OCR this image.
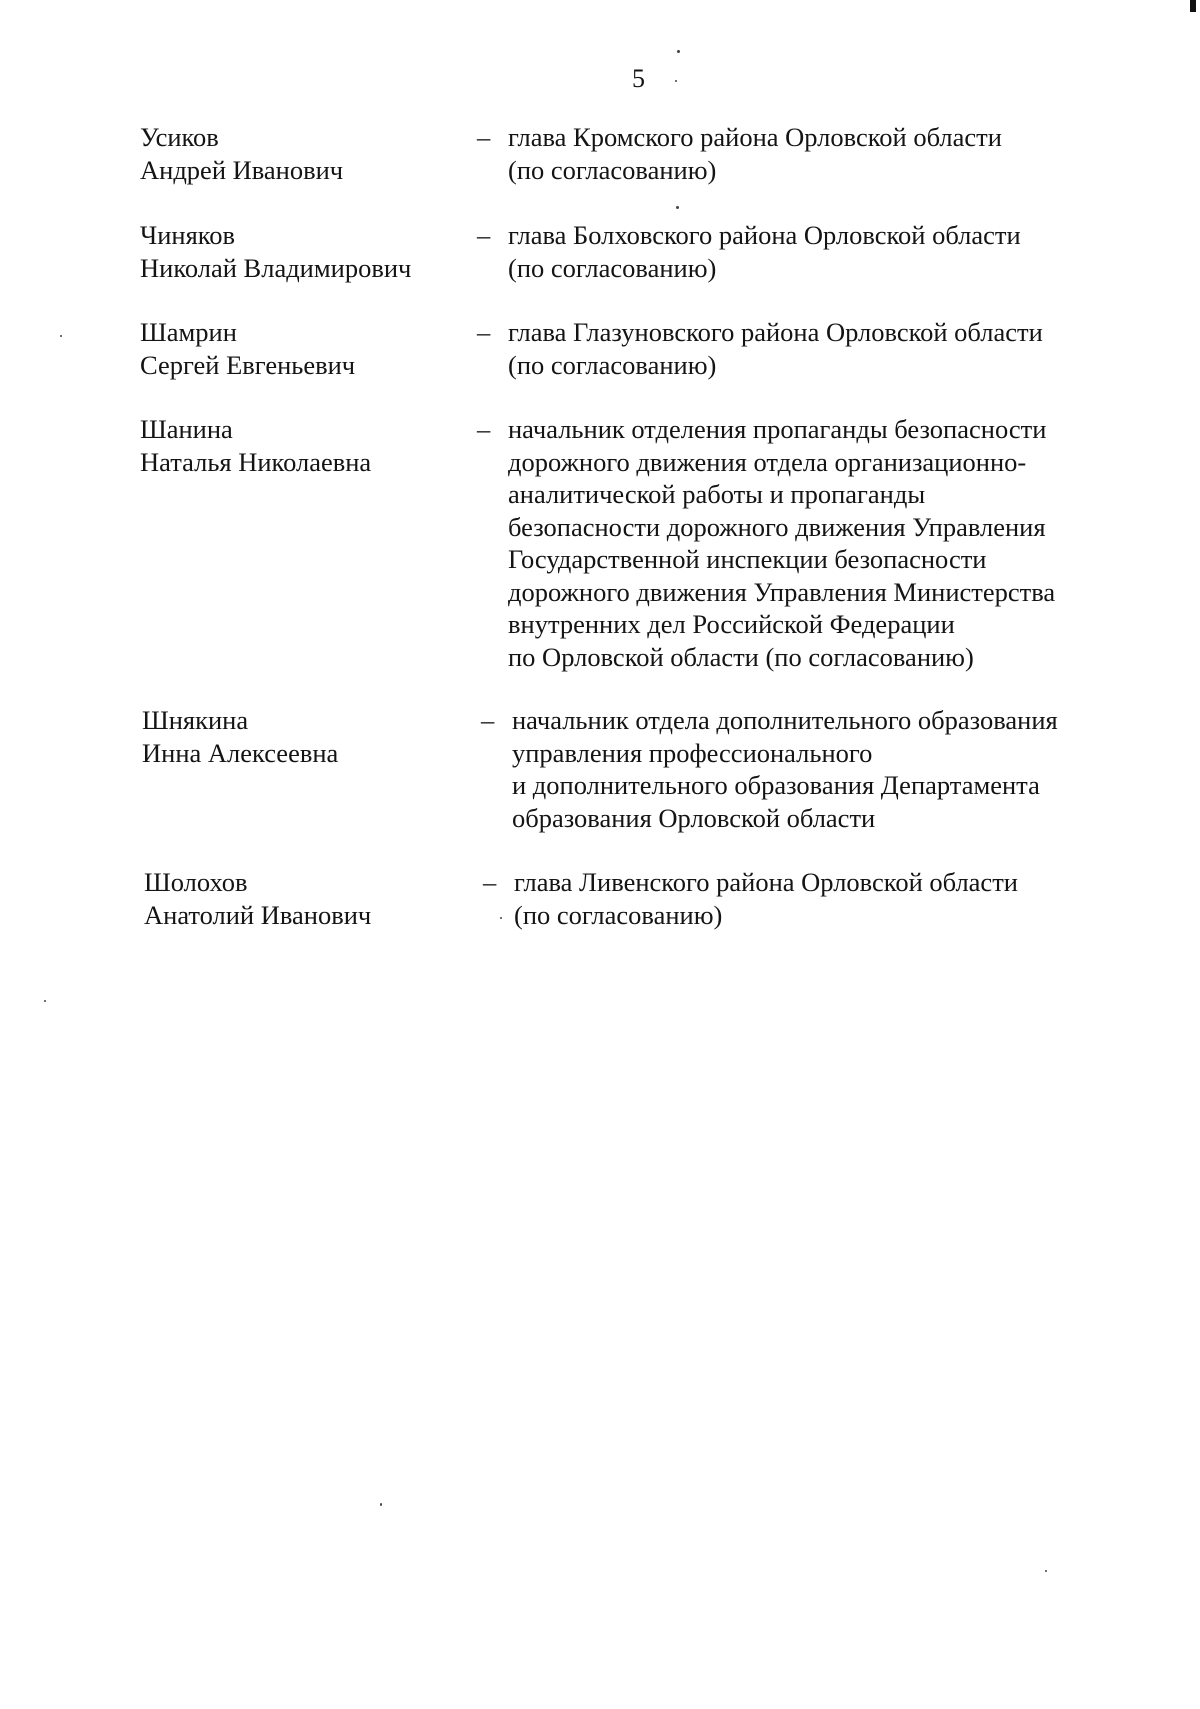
5
Усиков
Андрей Иванович
– глава Кромского района Орловской области
(по согласованию)
Чиняков
Николай Владимирович
– глава Болховского района Орловской области
(по согласованию)
Шамрин
Сергей Евгеньевич
– глава Глазуновского района Орловской области
(по согласованию)
Шанина
Наталья Николаевна
– начальник отделения пропаганды безопасности
дорожного движения отдела организационно-
аналитической работы и пропаганды
безопасности дорожного движения Управления
Государственной инспекции безопасности
дорожного движения Управления Министерства
внутренних дел Российской Федерации
по Орловской области (по согласованию)
Шнякина
Инна Алексеевна
– начальник отдела дополнительного образования
управления профессионального
и дополнительного образования Департамента
образования Орловской области
Шолохов
Анатолий Иванович
– глава Ливенского района Орловской области
(по согласованию)
